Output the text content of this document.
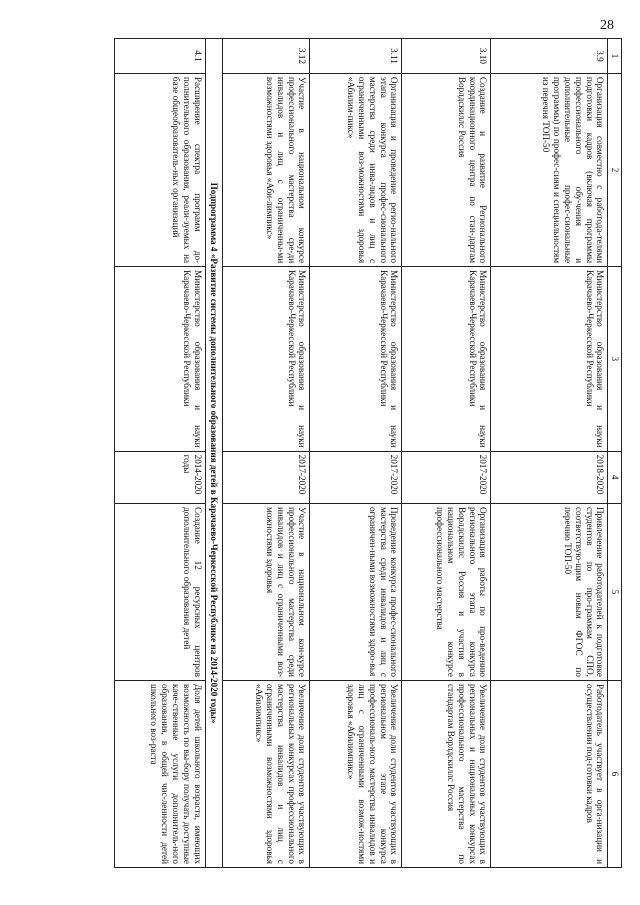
28
1	2	3	4	5	6
3.9	Организация совместно с работода-телями подготовки кадров (включая программы профессионального обу-чения и дополнительные профес-сиональные программы) по профес-сиям и специальностям из перечня ТОП-50	Министерство образования и науки Карачаево-Черкесской Республики	2018-2020	Привлечение работодателей к подготовке студентов по про-граммам СПО, соответствую-щим новым ФГОС по перечню ТОП-50	Работодатель участвует в орга-низации и осуществлении под-готовки кадров
3.10	Создание и развитие Регионального координационного центра по стан-дартам Ворлдскиллс Россия	Министерство образования и науки Карачаево-Черкесской Республики	2017-2020	Организация работы по про-ведению регионального этапа конкурса Ворлдскиллс Россия и участия в национальном конкурсе профессионального мастерства	Увеличение доли студентов участвующих в региональных и национальных конкурсах профессионального мастерства по стандартам Ворлдскиллс Россия
3.11	Организация и проведение регио-нального этапа конкурса профес-сионального мастерства среди инва-лидов и лиц с ограниченными воз-можностями здоровья «Абилим-пикс»	Министерство образования и науки Карачаево-Черкесской Республики	2017-2020	Проведение конкурса профес-сионального мастерства среди инвалидов и лиц с ограничен-ными возможностями здоро-вья	Увеличение доли студентов участвующих в региональном этапе конкурса профессиональ-ного мастерства инвалидов и лиц с ограниченными возмож-ностями здоровья «Абилимпикс»
3.12	Участие в национальном конкурсе профессионального мастерства сре-ди инвалидов и лиц с ограниченны-ми возможностями здоровья «Аби-лимпикс»	Министерство образования и науки Карачаево-Черкесской Республики	2017-2020	Участие в национальном кон-курсе профессионального мастерства среди инвалидов и лиц с ограниченными воз-можностями здоровья	Увеличение доли студентов участвующих в региональных конкурсах профессионального мастерства инвалидов и лиц с ограниченными возможностями здоровья «Абилимпикс»
Подпрограмма 4 «Развитие системы дополнительного образования детей в Карачаево-Черкесской Республике на 2014-2020 годы»					
4.1	Расширение спектра программ до-полнительного образования, реали-зуемых на базе общеобразователь-ных организаций	Министерство образования и науки Карачаево-Черкесской Республики	2014-2020 годы	Создание 12 ресурсных центров дополнительного образования детей	Доля детей школьного возраста, имеющих возможность по вы-бору получать доступные каче-ственные услуги дополнитель-ного образования, в общей чис-ленности детей школьного воз-раста
